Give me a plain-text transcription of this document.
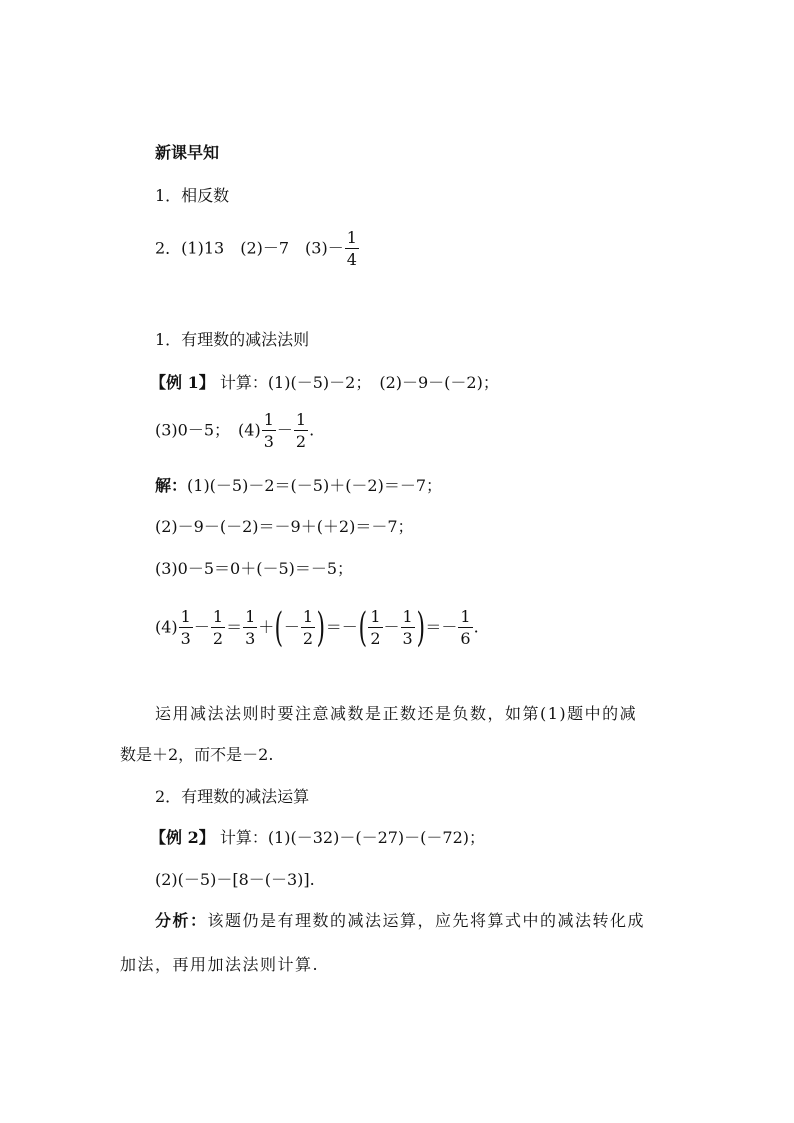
新课早知
1．相反数
2．(1)13　(2)－7　$(3)- \frac{1}{4}$
1．有理数的减法法则
【例 1】 计算：(1)(－5)－2；　(2)－9－(－2)；
(3)0－5；　$(4) \frac{1}{3} - \frac{1}{2}$ .
解：(1)(－5)－2＝(－5)＋(－2)＝－7；
(2)－9－(－2)＝－9＋(＋2)＝－7；
(3)0－5＝0＋(－5)＝－5；
$(4) \frac{1}{3} - \frac{1}{2} = \frac{1}{3}$ ＋(－ $\frac{1}{2}$ )＝－( $\frac{1}{2} - \frac{1}{3}$ )＝－ $\frac{1}{6}$ .
运用减法法则时要注意减数是正数还是负数，如第(1)题中的减
数是＋2，而不是－2.
2．有理数的减法运算
【例 2】 计算：(1)(－32)－(－27)－(－72)；
(2)(－5)－[8－(－3)].
分析：该题仍是有理数的减法运算，应先将算式中的减法转化成
加法，再用加法法则计算.
